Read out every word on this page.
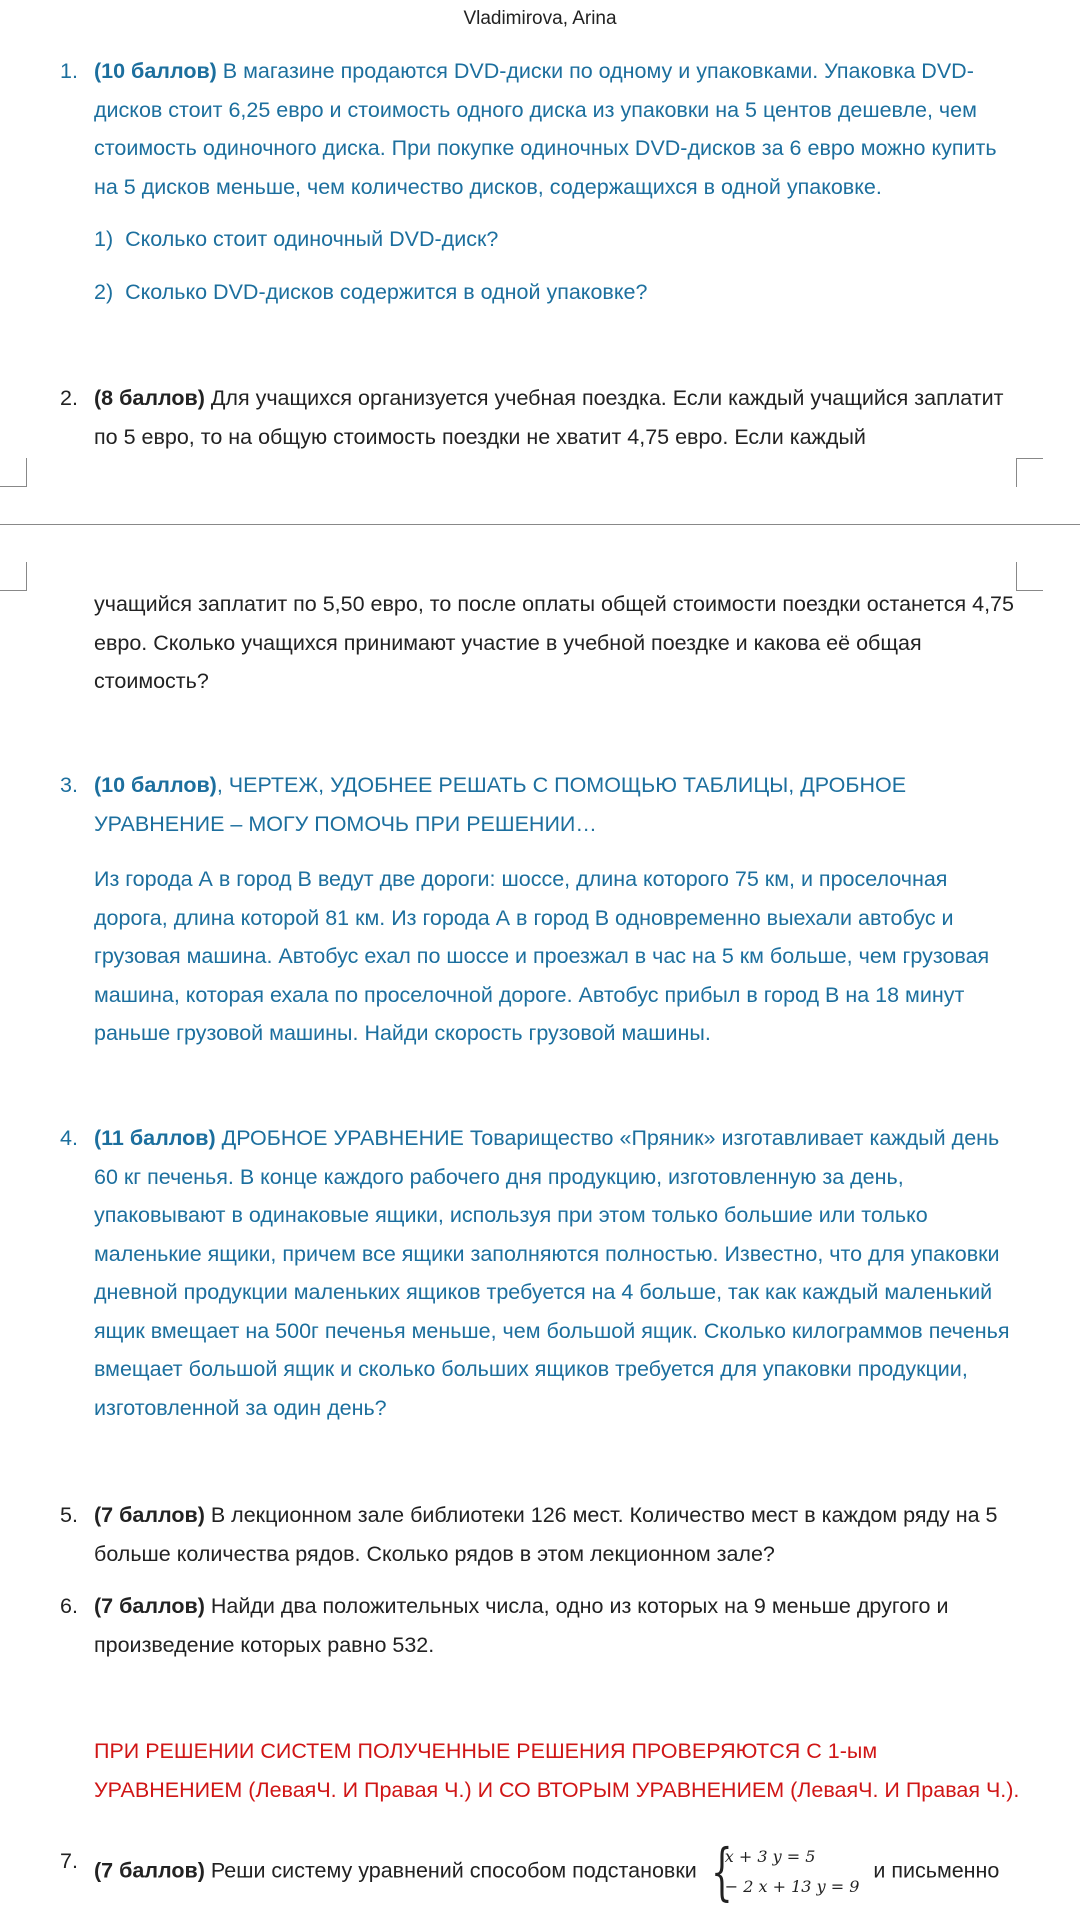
Vladimirova, Arina
1. (10 баллов) В магазине продаются DVD-диски по одному и упаковками. Упаковка DVD-дисков стоит 6,25 евро и стоимость одного диска из упаковки на 5 центов дешевле, чем стоимость одиночного диска. При покупке одиночных DVD-дисков за 6 евро можно купить на 5 дисков меньше, чем количество дисков, содержащихся в одной упаковке.
1) Сколько стоит одиночный DVD-диск?
2) Сколько DVD-дисков содержится в одной упаковке?
2. (8 баллов) Для учащихся организуется учебная поездка. Если каждый учащийся заплатит по 5 евро, то на общую стоимость поездки не хватит 4,75 евро. Если каждый
учащийся заплатит по 5,50 евро, то после оплаты общей стоимости поездки останется 4,75 евро. Сколько учащихся принимают участие в учебной поездке и какова её общая стоимость?
3. (10 баллов), ЧЕРТЕЖ, УДОБНЕЕ РЕШАТЬ С ПОМОЩЬЮ ТАБЛИЦЫ, ДРОБНОЕ УРАВНЕНИЕ – МОГУ ПОМОЧЬ ПРИ РЕШЕНИИ…
Из города А в город В ведут две дороги: шоссе, длина которого 75 км, и проселочная дорога, длина которой 81 км. Из города А в город В одновременно выехали автобус и грузовая машина. Автобус ехал по шоссе и проезжал в час на 5 км больше, чем грузовая машина, которая ехала по проселочной дороге. Автобус прибыл в город В на 18 минут раньше грузовой машины. Найди скорость грузовой машины.
4. (11 баллов) ДРОБНОЕ УРАВНЕНИЕ Товарищество «Пряник» изготавливает каждый день 60 кг печенья. В конце каждого рабочего дня продукцию, изготовленную за день, упаковывают в одинаковые ящики, используя при этом только большие или только маленькие ящики, причем все ящики заполняются полностью. Известно, что для упаковки дневной продукции маленьких ящиков требуется на 4 больше, так как каждый маленький ящик вмещает на 500г печенья меньше, чем большой ящик. Сколько килограммов печенья вмещает большой ящик и сколько больших ящиков требуется для упаковки продукции, изготовленной за один день?
5. (7 баллов) В лекционном зале библиотеки 126 мест. Количество мест в каждом ряду на 5 больше количества рядов. Сколько рядов в этом лекционном зале?
6. (7 баллов) Найди два положительных числа, одно из которых на 9 меньше другого и произведение которых равно 532.
ПРИ РЕШЕНИИ СИСТЕМ ПОЛУЧЕННЫЕ РЕШЕНИЯ ПРОВЕРЯЮТСЯ С 1-ым УРАВНЕНИЕМ (ЛеваяЧ. И Правая Ч.) И СО ВТОРЫМ УРАВНЕНИЕМ (ЛеваяЧ. И Правая Ч.).
7. (7 баллов) Реши систему уравнений способом подстановки {
x + 3 y = 5
− 2 x + 13 y = 9
и письменно
